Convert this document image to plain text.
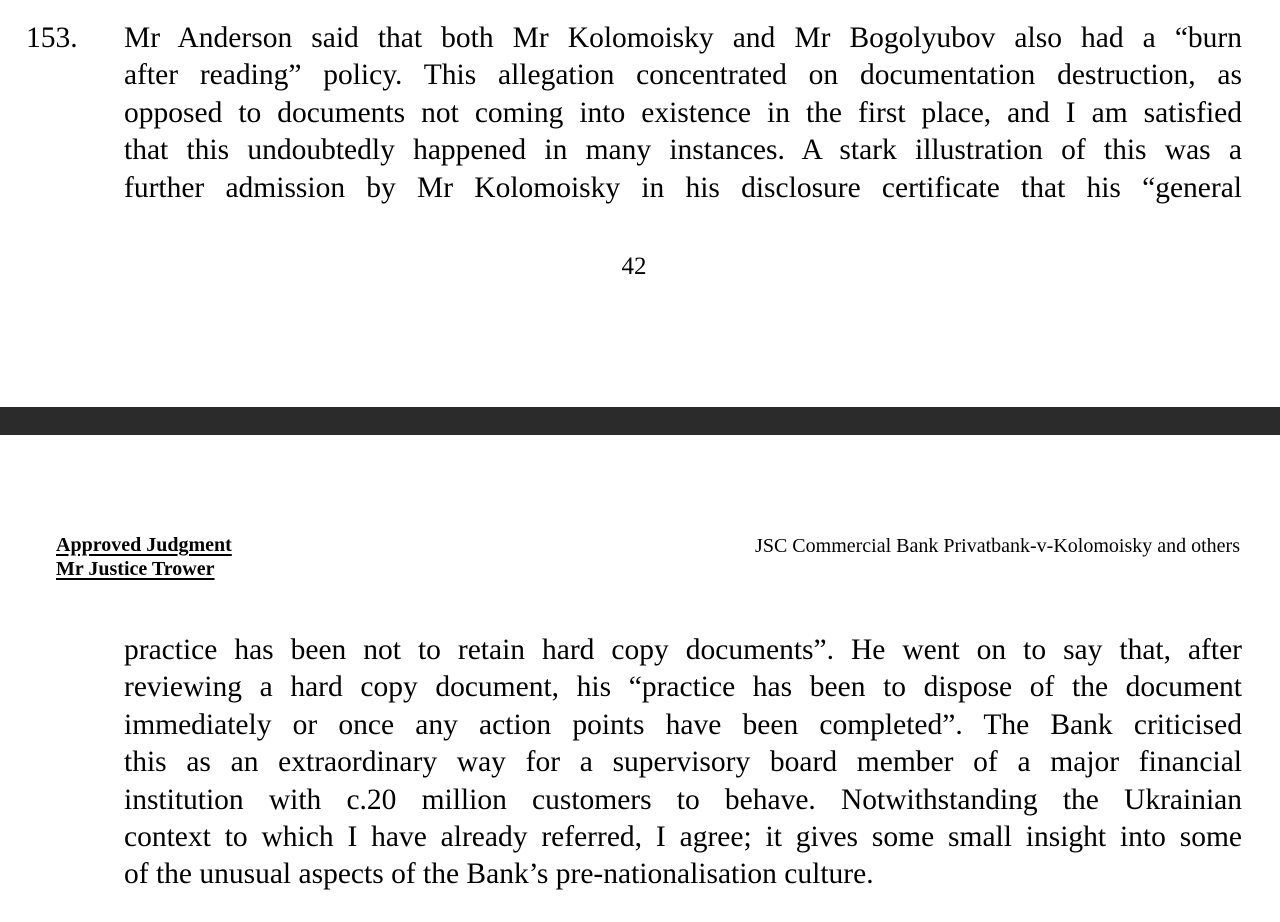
153. Mr Anderson said that both Mr Kolomoisky and Mr Bogolyubov also had a “burn
after reading” policy. This allegation concentrated on documentation destruction, as
opposed to documents not coming into existence in the first place, and I am satisfied
that this undoubtedly happened in many instances. A stark illustration of this was a
further admission by Mr Kolomoisky in his disclosure certificate that his “general
42
Approved Judgment
Mr Justice Trower
JSC Commercial Bank Privatbank-v-Kolomoisky and others
practice has been not to retain hard copy documents”. He went on to say that, after
reviewing a hard copy document, his “practice has been to dispose of the document
immediately or once any action points have been completed”. The Bank criticised
this as an extraordinary way for a supervisory board member of a major financial
institution with c.20 million customers to behave. Notwithstanding the Ukrainian
context to which I have already referred, I agree; it gives some small insight into some
of the unusual aspects of the Bank’s pre-nationalisation culture.
